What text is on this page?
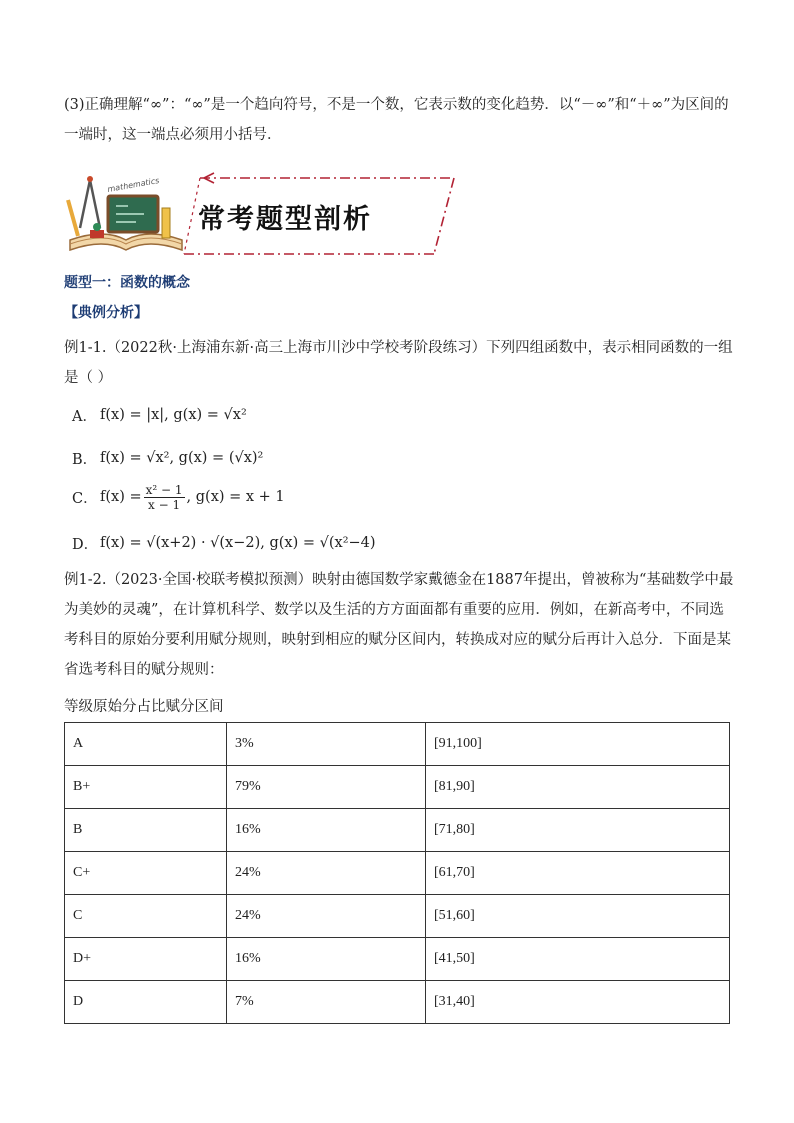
(3)正确理解“∞”：“∞”是一个趋向符号，不是一个数，它表示数的变化趋势．以“－∞”和“＋∞”为区间的一端时，这一端点必须用小括号．
mathematics
常考题型剖析
题型一：函数的概念
【典例分析】
例1-1.（2022秋·上海浦东新·高三上海市川沙中学校考阶段练习）下列四组函数中，表示相同函数的一组是（ ）
A． f(x) = |x|, g(x) = √x²
B． f(x) = √x², g(x) = (√x)²
C． $f(x) = \frac{\text{x² − 1}}{x - 1}$ , g(x) = x + 1
D． f(x) = √(x+2) · √(x−2), g(x) = √(x²−4)
例1-2.（2023·全国·校联考模拟预测）映射由德国数学家戴德金在1887年提出，曾被称为“基础数学中最为美妙的灵魂”，在计算机科学、数学以及生活的方方面面都有重要的应用．例如，在新高考中，不同选考科目的原始分要利用赋分规则，映射到相应的赋分区间内，转换成对应的赋分后再计入总分．下面是某省选考科目的赋分规则：
等级原始分占比赋分区间
A	3%	[91,100]
B+	79%	[81,90]
B	16%	[71,80]
C+	24%	[61,70]
C	24%	[51,60]
D+	16%	[41,50]
D	7%	[31,40]
